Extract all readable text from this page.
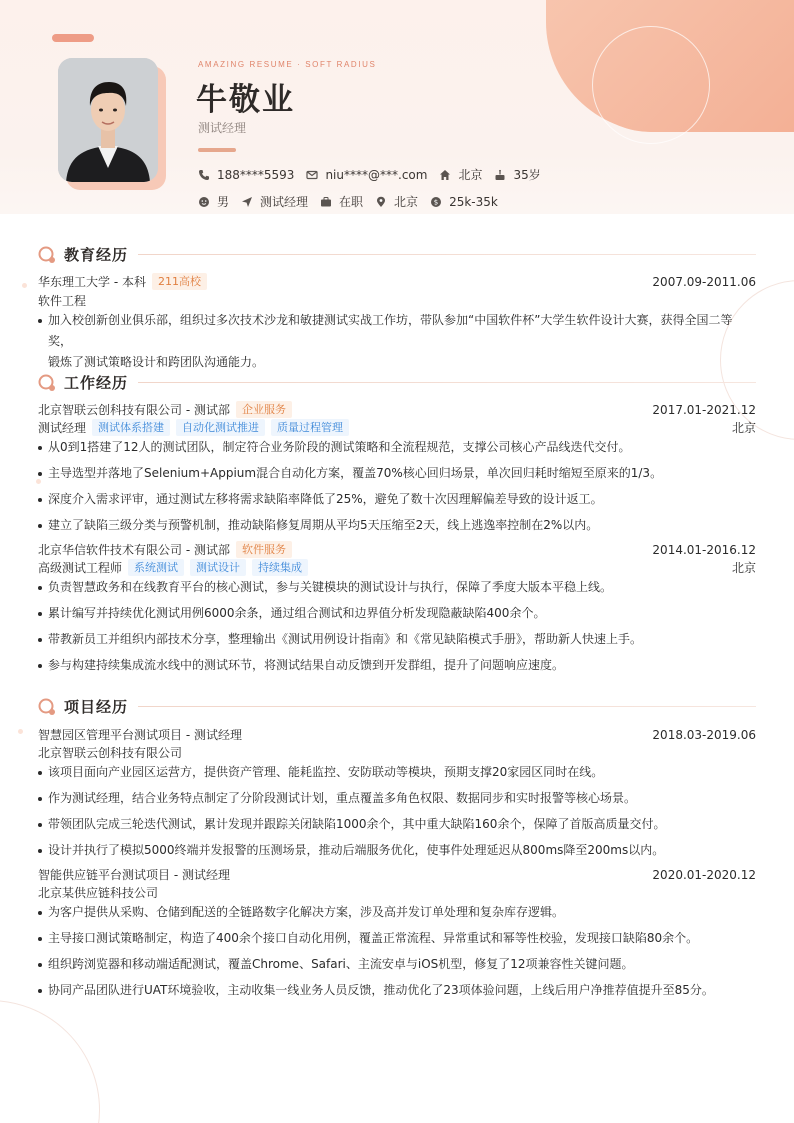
AMAZING RESUME · SOFT RADIUS
牛敬业
测试经理
188****5593	niu****@***.com	北京	35岁
男	测试经理	在职	北京 $ 25k-35k
教育经历
华东理工大学 - 本科	211高校	2007.09-2011.06
软件工程
加入校创新创业俱乐部，组织过多次技术沙龙和敏捷测试实战工作坊，带队参加“中国软件杯”大学生软件设计大赛，获得全国二等奖，
锻炼了测试策略设计和跨团队沟通能力。
工作经历
北京智联云创科技有限公司 - 测试部	企业服务	2017.01-2021.12
测试经理	测试体系搭建	自动化测试推进	质量过程管理	北京
从0到1搭建了12人的测试团队，制定符合业务阶段的测试策略和全流程规范，支撑公司核心产品线迭代交付。
主导选型并落地了Selenium+Appium混合自动化方案，覆盖70%核心回归场景，单次回归耗时缩短至原来的1/3。
深度介入需求评审，通过测试左移将需求缺陷率降低了25%，避免了数十次因理解偏差导致的设计返工。
建立了缺陷三级分类与预警机制，推动缺陷修复周期从平均5天压缩至2天，线上逃逸率控制在2%以内。
北京华信软件技术有限公司 - 测试部	软件服务	2014.01-2016.12
高级测试工程师	系统测试	测试设计	持续集成	北京
负责智慧政务和在线教育平台的核心测试，参与关键模块的测试设计与执行，保障了季度大版本平稳上线。
累计编写并持续优化测试用例6000余条，通过组合测试和边界值分析发现隐蔽缺陷400余个。
带教新员工并组织内部技术分享，整理输出《测试用例设计指南》和《常见缺陷模式手册》，帮助新人快速上手。
参与构建持续集成流水线中的测试环节，将测试结果自动反馈到开发群组，提升了问题响应速度。
项目经历
智慧园区管理平台测试项目 - 测试经理	2018.03-2019.06
北京智联云创科技有限公司
该项目面向产业园区运营方，提供资产管理、能耗监控、安防联动等模块，预期支撑20家园区同时在线。
作为测试经理，结合业务特点制定了分阶段测试计划，重点覆盖多角色权限、数据同步和实时报警等核心场景。
带领团队完成三轮迭代测试，累计发现并跟踪关闭缺陷1000余个，其中重大缺陷160余个，保障了首版高质量交付。
设计并执行了模拟5000终端并发报警的压测场景，推动后端服务优化，使事件处理延迟从800ms降至200ms以内。
智能供应链平台测试项目 - 测试经理	2020.01-2020.12
北京某供应链科技公司
为客户提供从采购、仓储到配送的全链路数字化解决方案，涉及高并发订单处理和复杂库存逻辑。
主导接口测试策略制定，构造了400余个接口自动化用例，覆盖正常流程、异常重试和幂等性校验，发现接口缺陷80余个。
组织跨浏览器和移动端适配测试，覆盖Chrome、Safari、主流安卓与iOS机型，修复了12项兼容性关键问题。
协同产品团队进行UAT环境验收，主动收集一线业务人员反馈，推动优化了23项体验问题，上线后用户净推荐值提升至85分。
